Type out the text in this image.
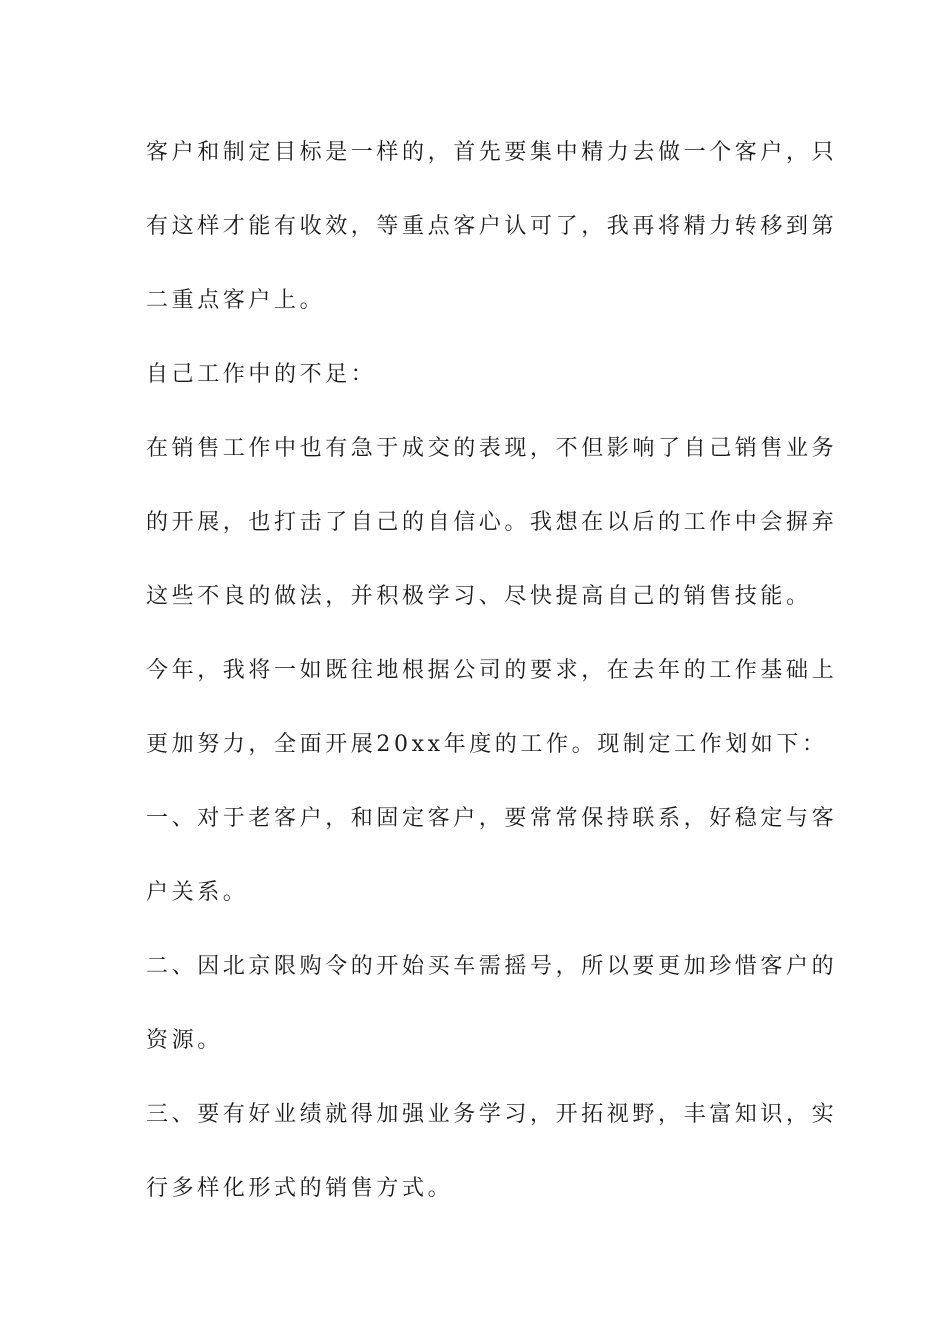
客户和制定目标是一样的，首先要集中精力去做一个客户，只
有这样才能有收效，等重点客户认可了，我再将精力转移到第
二重点客户上。
自己工作中的不足：
在销售工作中也有急于成交的表现，不但影响了自己销售业务
的开展，也打击了自己的自信心。我想在以后的工作中会摒弃
这些不良的做法，并积极学习、尽快提高自己的销售技能。
今年，我将一如既往地根据公司的要求，在去年的工作基础上
更加努力，全面开展20xx年度的工作。现制定工作划如下：
一、对于老客户，和固定客户，要常常保持联系，好稳定与客
户关系。
二、因北京限购令的开始买车需摇号，所以要更加珍惜客户的
资源。
三、要有好业绩就得加强业务学习，开拓视野，丰富知识，实
行多样化形式的销售方式。
